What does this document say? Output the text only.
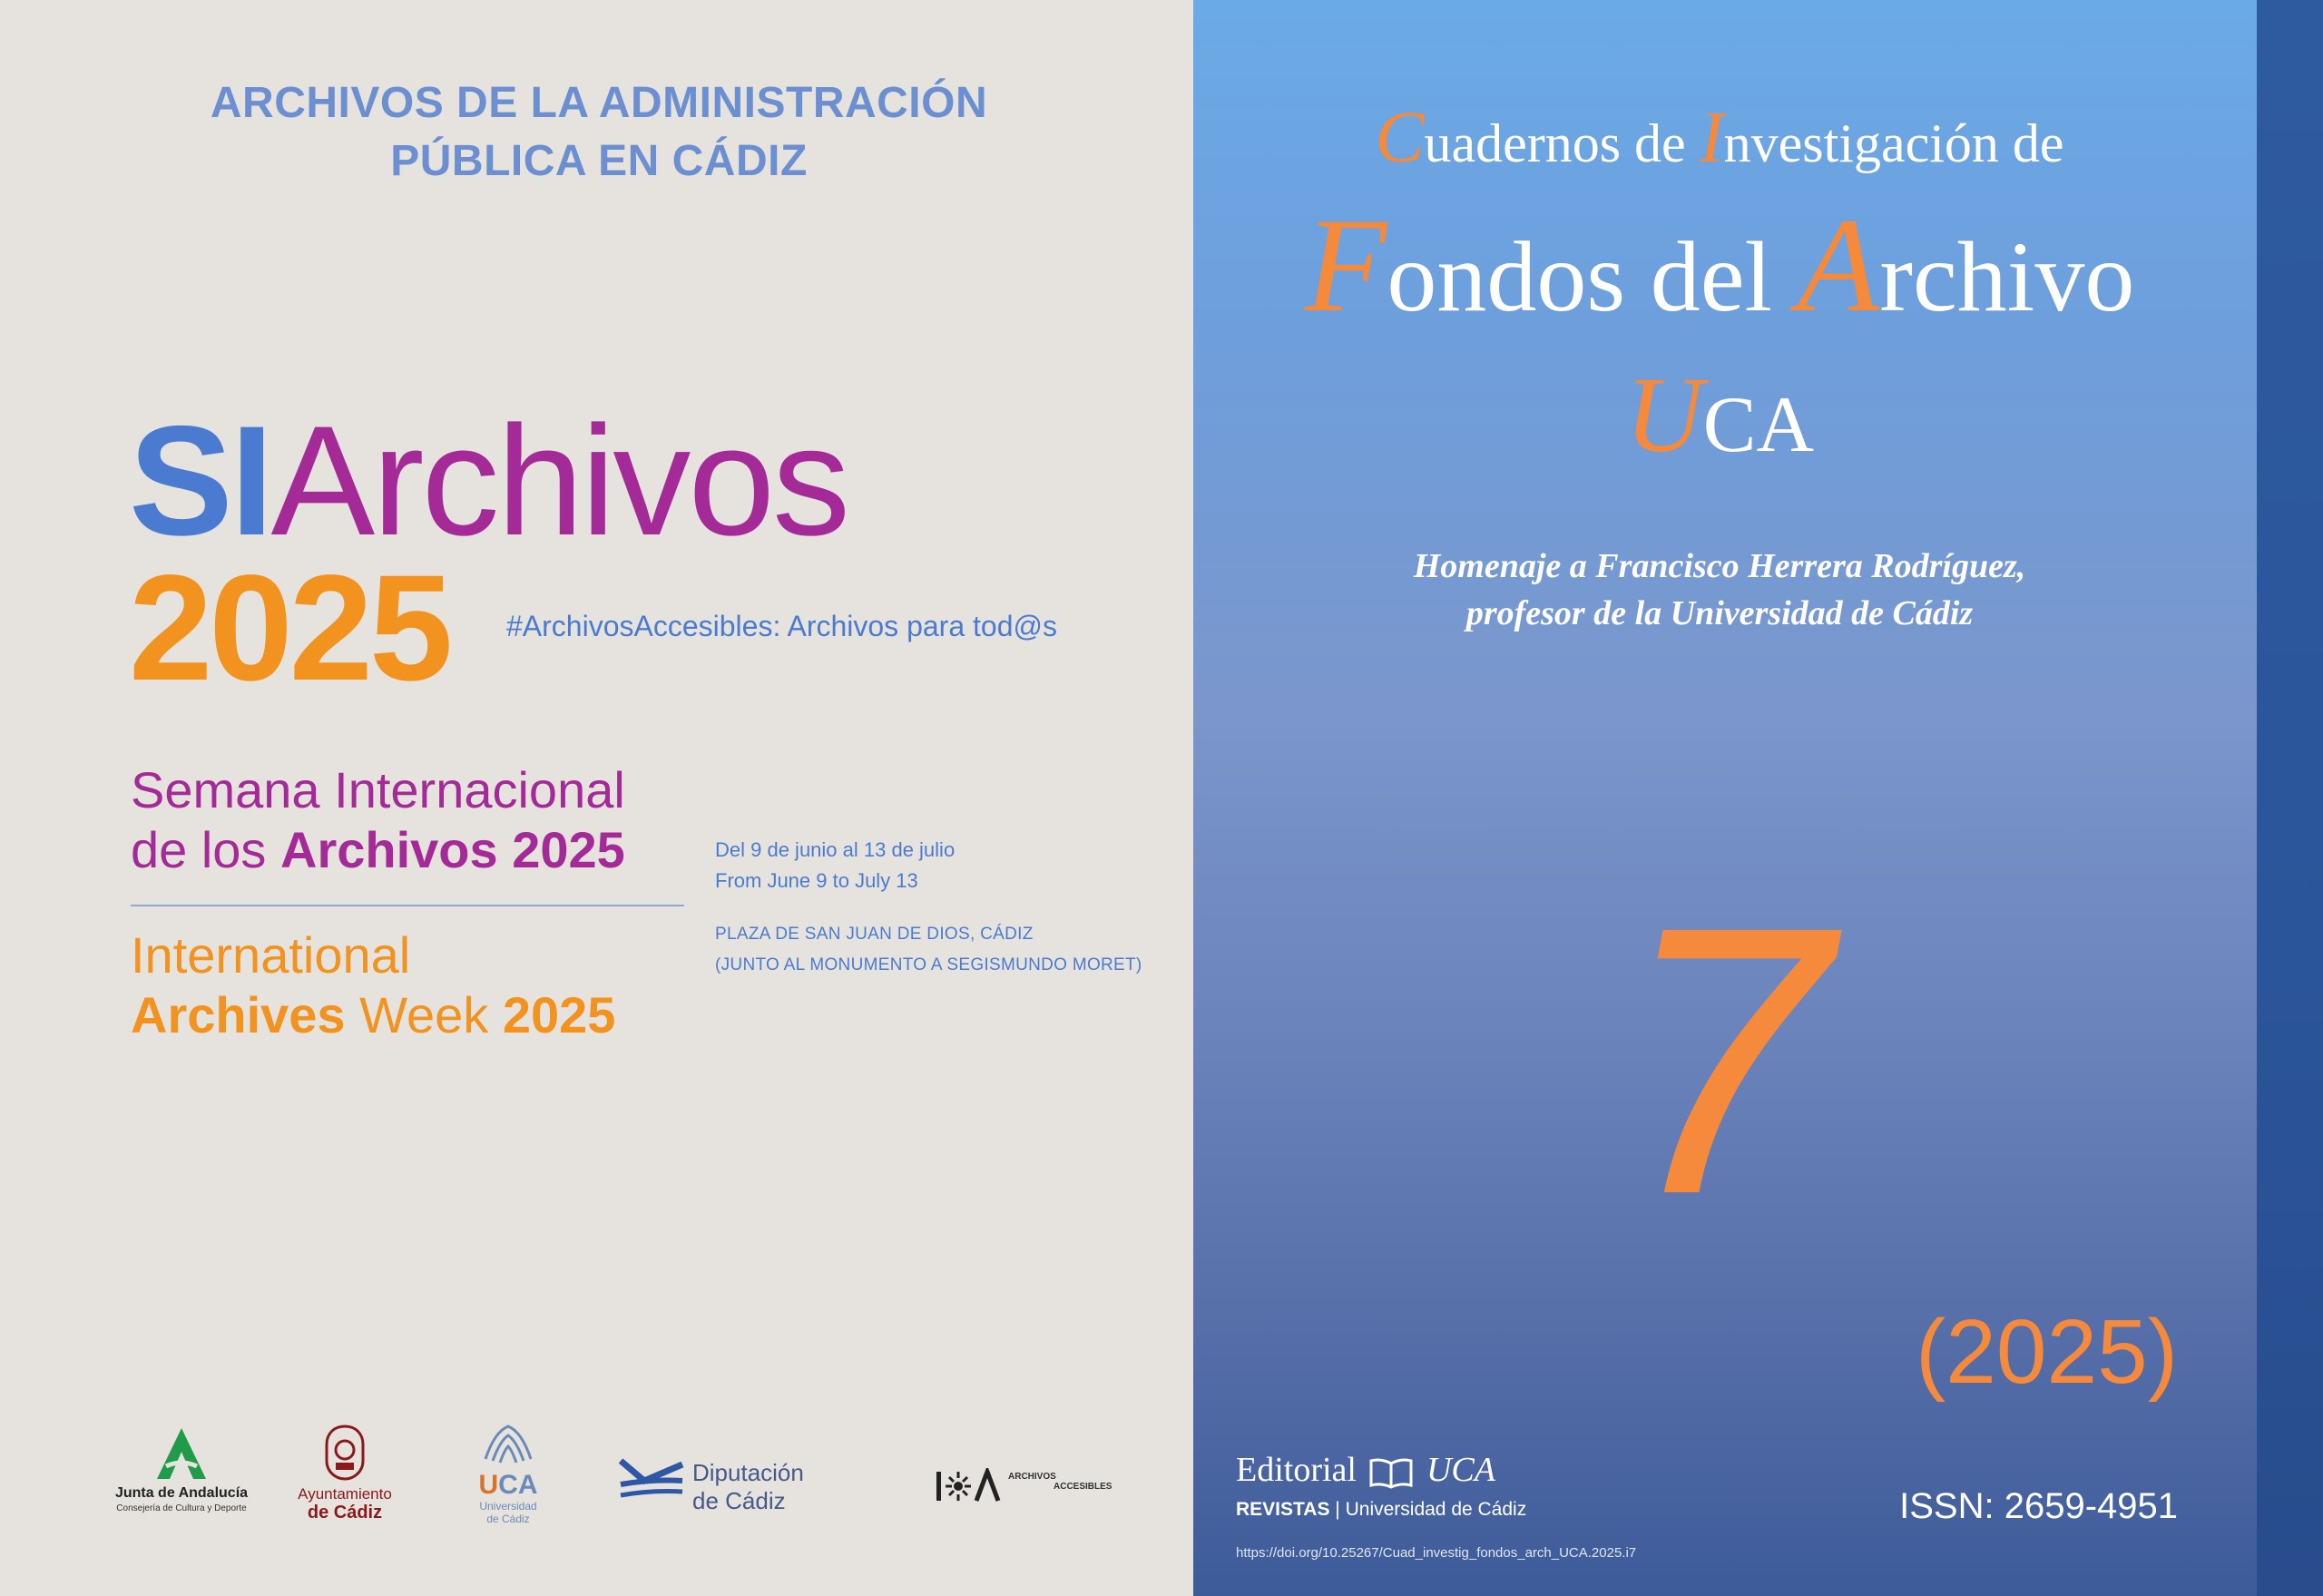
ARCHIVOS DE LA ADMINISTRACIÓN
PÚBLICA EN CÁDIZ
SIArchivos
2025 #ArchivosAccesibles: Archivos para tod@s
Semana Internacional
de los Archivos 2025
International
Archives Week 2025
Del 9 de junio al 13 de julio
From June 9 to July 13
PLAZA DE SAN JUAN DE DIOS, CÁDIZ
(JUNTO AL MONUMENTO A SEGISMUNDO MORET)
Junta de Andalucía
Consejería de Cultura y Deporte
Ayuntamiento
de Cádiz
UCA
Universidad
de Cádiz
Diputación
de Cádiz
ARCHIVOS
ACCESIBLES
Cuadernos de Investigación de
Fondos del Archivo
UCA
Homenaje a Francisco Herrera Rodríguez,
profesor de la Universidad de Cádiz
7
(2025)
Editorial UCA
REVISTAS | Universidad de Cádiz
https://doi.org/10.25267/Cuad_investig_fondos_arch_UCA.2025.i7
ISSN: 2659-4951
